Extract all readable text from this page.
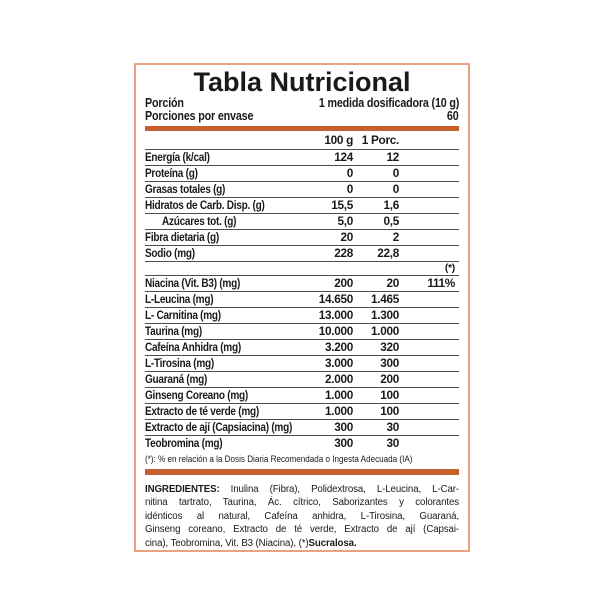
Tabla Nutricional
Porción	1 medida dosificadora (10 g)
Porciones por envase	60
100 g 1 Porc.
Energía (k/cal)	124	12
Proteína (g)	0	0
Grasas totales (g)	0	0
Hidratos de Carb. Disp. (g)	15,5	1,6
Azúcares tot. (g)	5,0	0,5
Fibra dietaria (g)	20	2
Sodio (mg)	228 22,8
(*)
Niacina (Vit. B3) (mg)	200	20 111%
L-Leucina (mg)	14.650 1.465
L- Carnitina (mg)	13.000 1.300
Taurina (mg)	10.000 1.000
Cafeína Anhidra (mg)	3.200 320
L-Tirosina (mg)	3.000 300
Guaraná (mg)	2.000 200
Ginseng Coreano (mg)	1.000 100
Extracto de té verde (mg)	1.000 100
Extracto de ají (Capsiacina) (mg)	300	30
Teobromina (mg)	300	30
(*): % en relación a la Dosis Diaria Recomendada o Ingesta Adecuada (IA)
INGREDIENTES: Inulina (Fibra), Polidextrosa, L-Leucina, L-Car-
nitina tartrato, Taurina, Ác. cítrico, Saborizantes y colorantes
idénticos al natural, Cafeína anhidra, L-Tirosina, Guaraná,
Ginseng coreano, Extracto de té verde, Extracto de ají (Capsai-
cina), Teobromina, Vit. B3 (Niacina), (*)Sucralosa.
